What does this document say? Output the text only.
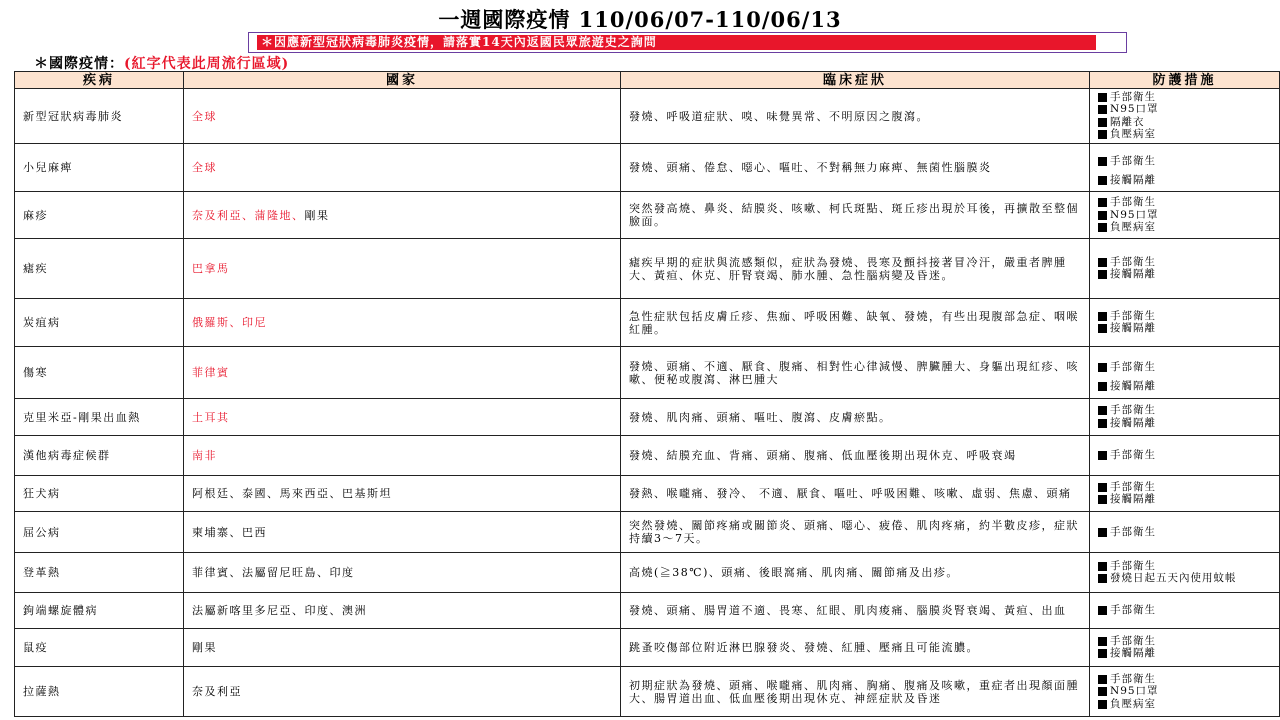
一週國際疫情 110/06/07-110/06/13
＊因應新型冠狀病毒肺炎疫情，請落實14天內返國民眾旅遊史之詢問
＊國際疫情：(紅字代表此周流行區域)
疾病	國家	臨床症狀	防護措施
新型冠狀病毒肺炎	全球	發燒、呼吸道症狀、嗅、味覺異常、不明原因之腹瀉。	手部衛生
N95口罩
隔離衣
負壓病室

小兒麻痺	全球	發燒、頭痛、倦怠、噁心、嘔吐、不對稱無力麻痺、無菌性腦膜炎	手部衛生
接觸隔離

麻疹	奈及利亞、蒲隆地、剛果	突然發高燒、鼻炎、結膜炎、咳嗽、柯氏斑點、斑丘疹出現於耳後，再擴散至整個臉面。	手部衛生
N95口罩
負壓病室

瘧疾	巴拿馬	瘧疾早期的症狀與流感類似，症狀為發燒、畏寒及顫抖接著冒冷汗，嚴重者脾腫大、黃疸、休克、肝腎衰竭、肺水腫、急性腦病變及昏迷。	手部衛生
接觸隔離

炭疽病	俄羅斯、印尼	急性症狀包括皮膚丘疹、焦痂、呼吸困難、缺氧、發燒，有些出現腹部急症、咽喉紅腫。	手部衛生
接觸隔離

傷寒	菲律賓	發燒、頭痛、不適、厭食、腹痛、相對性心律減慢、脾臟腫大、身軀出現紅疹、咳嗽、便秘或腹瀉、淋巴腫大	手部衛生
接觸隔離

克里米亞-剛果出血熱	土耳其	發燒、肌肉痛、頭痛、嘔吐、腹瀉、皮膚瘀點。	手部衛生
接觸隔離

漢他病毒症候群	南非	發燒、結膜充血、背痛、頭痛、腹痛、低血壓後期出現休克、呼吸衰竭	手部衛生

狂犬病	阿根廷、泰國、馬來西亞、巴基斯坦	發熱、喉嚨痛、發冷、 不適、厭食、嘔吐、呼吸困難、咳嗽、虛弱、焦慮、頭痛	手部衛生
接觸隔離

屈公病	柬埔寨、巴西	突然發燒、關節疼痛或關節炎、頭痛、噁心、疲倦、肌肉疼痛，約半數皮疹，症狀持續3～7天。	手部衛生

登革熱	菲律賓、法屬留尼旺島、印度	高燒(≧38℃)、頭痛、後眼窩痛、肌肉痛、關節痛及出疹。	手部衛生
發燒日起五天內使用蚊帳

鉤端螺旋體病	法屬新喀里多尼亞、印度、澳洲	發燒、頭痛、腸胃道不適、畏寒、紅眼、肌肉痠痛、腦膜炎腎衰竭、黃疸、出血	手部衛生

鼠疫	剛果	跳蚤咬傷部位附近淋巴腺發炎、發燒、紅腫、壓痛且可能流膿。	手部衛生
接觸隔離

拉薩熱	奈及利亞	初期症狀為發燒、頭痛、喉嚨痛、肌肉痛、胸痛、腹痛及咳嗽，重症者出現顏面腫大、腸胃道出血、低血壓後期出現休克、神經症狀及昏迷	手部衛生
N95口罩
負壓病室
